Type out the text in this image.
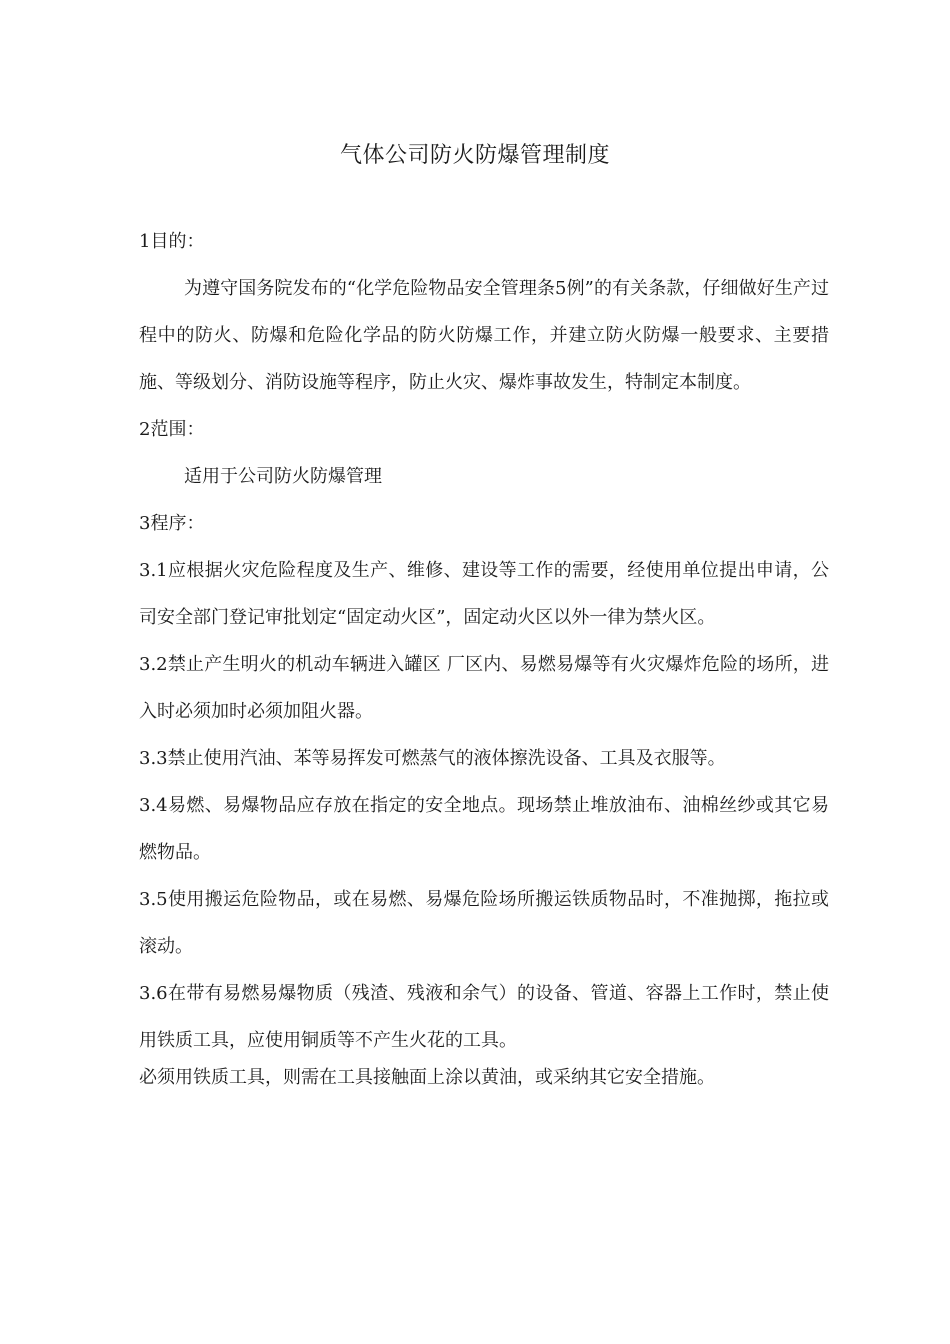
气体公司防火防爆管理制度

1目的：

为遵守国务院发布的“化学危险物品安全管理条5例”的有关条款，仔细做好生产过程中的防火、防爆和危险化学品的防火防爆工作，并建立防火防爆一般要求、主要措施、等级划分、消防设施等程序，防止火灾、爆炸事故发生，特制定本制度。

2范围：

适用于公司防火防爆管理

3程序：

3.1应根据火灾危险程度及生产、维修、建设等工作的需要，经使用单位提出申请，公司安全部门登记审批划定“固定动火区”，固定动火区以外一律为禁火区。

3.2禁止产生明火的机动车辆进入罐区 厂区内、易燃易爆等有火灾爆炸危险的场所，进入时必须加时必须加阻火器。

3.3禁止使用汽油、苯等易挥发可燃蒸气的液体擦洗设备、工具及衣服等。

3.4易燃、易爆物品应存放在指定的安全地点。现场禁止堆放油布、油棉丝纱或其它易燃物品。

3.5使用搬运危险物品，或在易燃、易爆危险场所搬运铁质物品时，不准抛掷，拖拉或滚动。

3.6在带有易燃易爆物质（残渣、残液和余气）的设备、管道、容器上工作时，禁止使用铁质工具，应使用铜质等不产生火花的工具。

必须用铁质工具，则需在工具接触面上涂以黄油，或采纳其它安全措施。
